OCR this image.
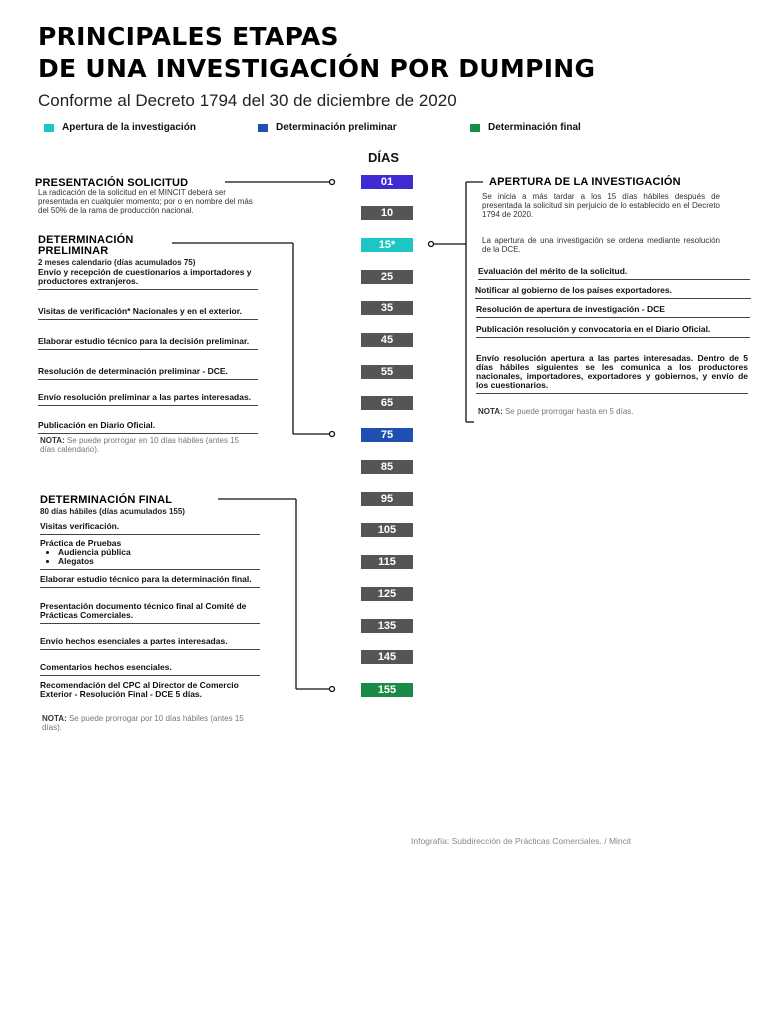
PRINCIPALES ETAPAS
DE UNA INVESTIGACIÓN POR DUMPING
Conforme al Decreto 1794 del 30 de diciembre de 2020
Apertura de la investigación	Determinación preliminar	Determinación final
DÍAS
01
10
15*
25
35
45
55
65
75
85
95
105
115
125
135
145
155
PRESENTACIÓN SOLICITUD
La radicación de la solicitud en el MINCIT deberá ser presentada en cualquier momento; por o en nombre del más del 50% de la rama de producción nacional.
DETERMINACIÓN
PRELIMINAR
2 meses calendario (días acumulados 75)
Envío y recepción de cuestionarios a importadores y productores extranjeros.
Visitas de verificación* Nacionales y en el exterior.
Elaborar estudio técnico para la decisión preliminar.
Resolución de determinación preliminar - DCE.
Envío resolución preliminar a las partes interesadas.
Publicación en Diario Oficial.
NOTA: Se puede prorrogar en 10 días hábiles (antes 15 días calendario).
DETERMINACIÓN FINAL
80 días hábiles (días acumulados 155)
Visitas verificación.
Práctica de Pruebas
• Audiencia pública
• Alegatos
Elaborar estudio técnico para la determinación final.
Presentación documento técnico final al Comité de Prácticas Comerciales.
Envío hechos esenciales a partes interesadas.
Comentarios hechos esenciales.
Recomendación del CPC al Director de Comercio Exterior - Resolución Final - DCE 5 días.
NOTA: Se puede prorrogar por 10 días hábiles (antes 15 días).
APERTURA DE LA INVESTIGACIÓN
Se inicia a más tardar a los 15 días hábiles después de presentada la solicitud sin perjuicio de lo establecido en el Decreto 1794 de 2020.
La apertura de una investigación se ordena mediante resolución de la DCE.
Evaluación del mérito de la solicitud.
Notificar al gobierno de los países exportadores.
Resolución de apertura de investigación - DCE
Publicación resolución y convocatoria en el Diario Oficial.
Envío resolución apertura a las partes interesadas. Dentro de 5 días hábiles siguientes se les comunica a los productores nacionales, importadores, exportadores y gobiernos, y envío de los cuestionarios.
NOTA: Se puede prorrogar hasta en 5 días.
Infografía: Subdirección de Prácticas Comerciales. / Mincit
